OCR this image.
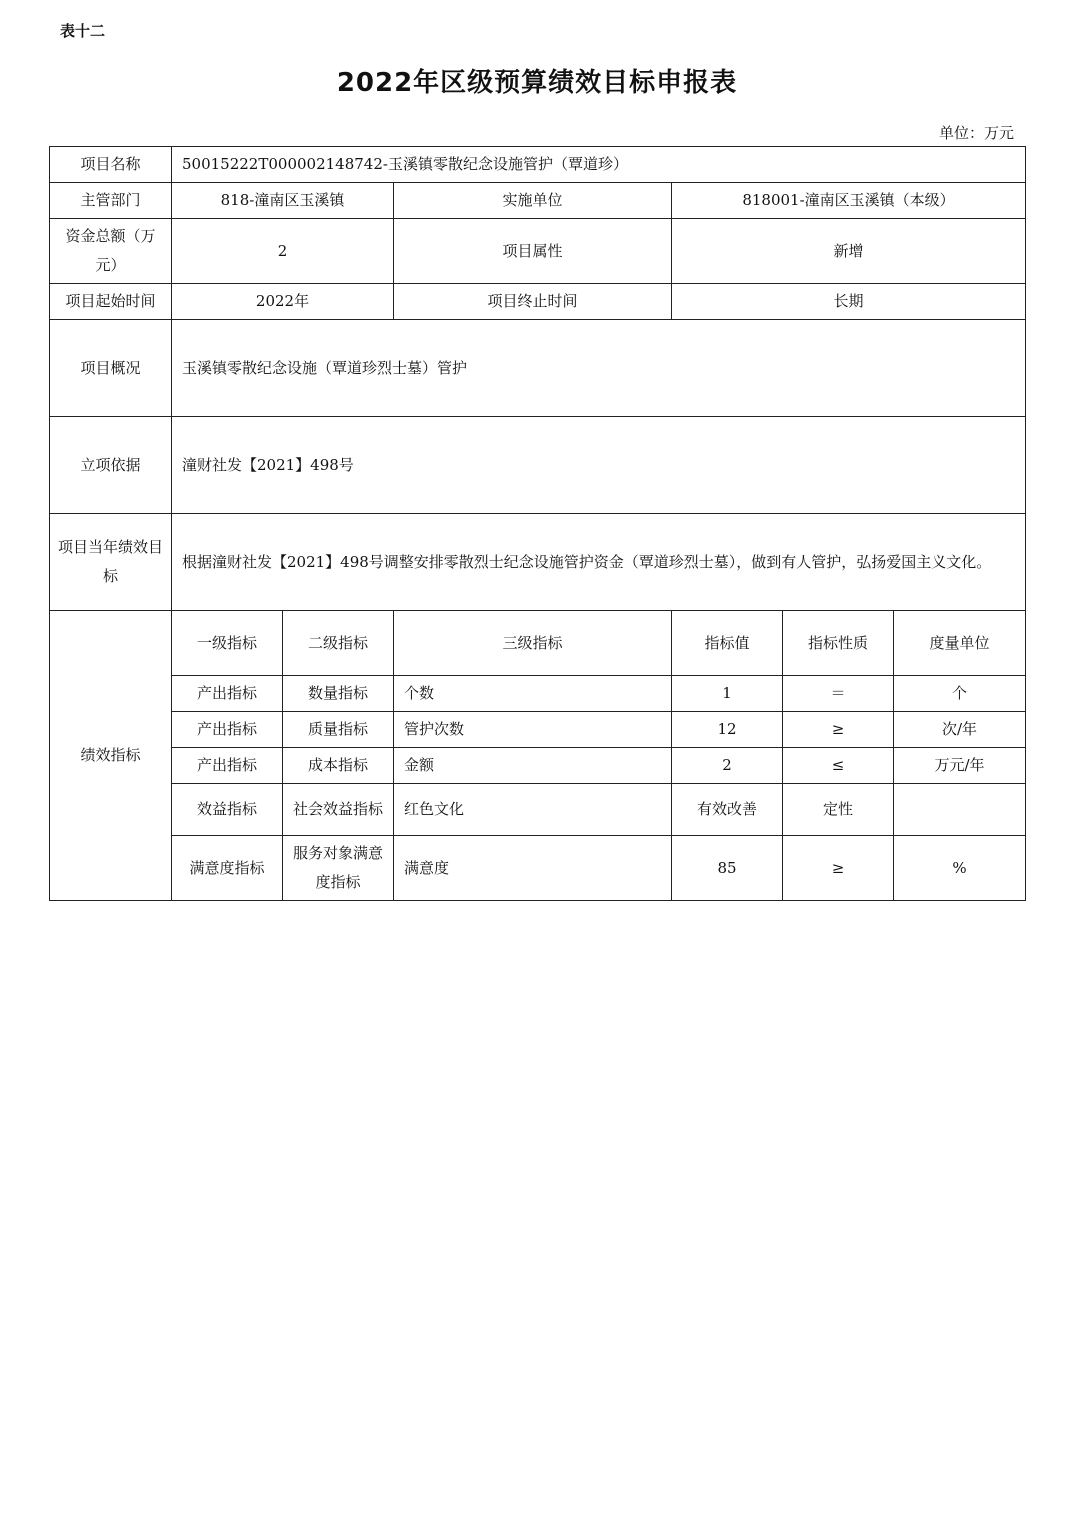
表十二
2022年区级预算绩效目标申报表
单位：万元
项目名称	50015222T000002148742-玉溪镇零散纪念设施管护（覃道珍）						
主管部门	818-潼南区玉溪镇		实施单位	818001-潼南区玉溪镇（本级）			
资金总额（万元）	2		项目属性	新增			
项目起始时间	2022年		项目终止时间	长期			
项目概况	玉溪镇零散纪念设施（覃道珍烈士墓）管护						
立项依据	潼财社发【2021】498号						
项目当年绩效目标	根据潼财社发【2021】498号调整安排零散烈士纪念设施管护资金（覃道珍烈士墓），做到有人管护，弘扬爱国主义文化。						
绩效指标	一级指标	二级指标	三级指标	指标值	指标性质	度量单位	
	产出指标	数量指标	个数	1	＝	个	
	产出指标	质量指标	管护次数	12	≥	次/年	
	产出指标	成本指标	金额	2	≤	万元/年	
	效益指标	社会效益指标	红色文化	有效改善	定性		
	满意度指标	服务对象满意度指标	满意度	85	≥	%	
